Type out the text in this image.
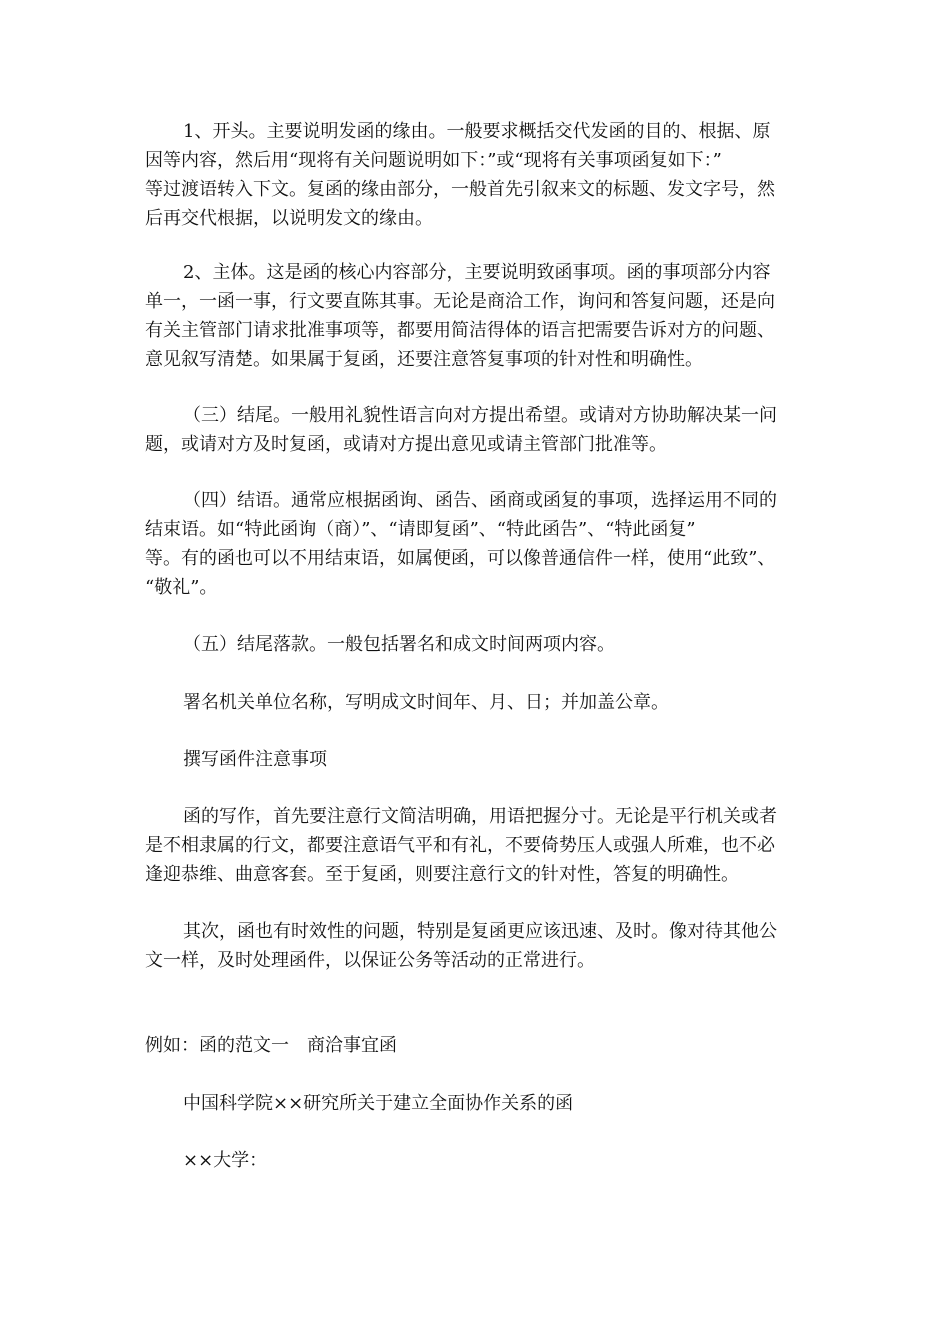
1、开头。主要说明发函的缘由。一般要求概括交代发函的目的、根据、原
因等内容，然后用“现将有关问题说明如下：”或“现将有关事项函复如下：”
等过渡语转入下文。复函的缘由部分，一般首先引叙来文的标题、发文字号，然
后再交代根据，以说明发文的缘由。
2、主体。这是函的核心内容部分，主要说明致函事项。函的事项部分内容
单一，一函一事，行文要直陈其事。无论是商洽工作，询问和答复问题，还是向
有关主管部门请求批准事项等，都要用简洁得体的语言把需要告诉对方的问题、
意见叙写清楚。如果属于复函，还要注意答复事项的针对性和明确性。
（三）结尾。一般用礼貌性语言向对方提出希望。或请对方协助解决某一问
题，或请对方及时复函，或请对方提出意见或请主管部门批准等。
（四）结语。通常应根据函询、函告、函商或函复的事项，选择运用不同的
结束语。如“特此函询（商）”、“请即复函”、“特此函告”、“特此函复”
等。有的函也可以不用结束语，如属便函，可以像普通信件一样，使用“此致”、
“敬礼”。
（五）结尾落款。一般包括署名和成文时间两项内容。
署名机关单位名称，写明成文时间年、月、日；并加盖公章。
撰写函件注意事项
函的写作，首先要注意行文简洁明确，用语把握分寸。无论是平行机关或者
是不相隶属的行文，都要注意语气平和有礼，不要倚势压人或强人所难，也不必
逢迎恭维、曲意客套。至于复函，则要注意行文的针对性，答复的明确性。
其次，函也有时效性的问题，特别是复函更应该迅速、及时。像对待其他公
文一样，及时处理函件，以保证公务等活动的正常进行。
例如：函的范文一　商洽事宜函
中国科学院××研究所关于建立全面协作关系的函
××大学：
